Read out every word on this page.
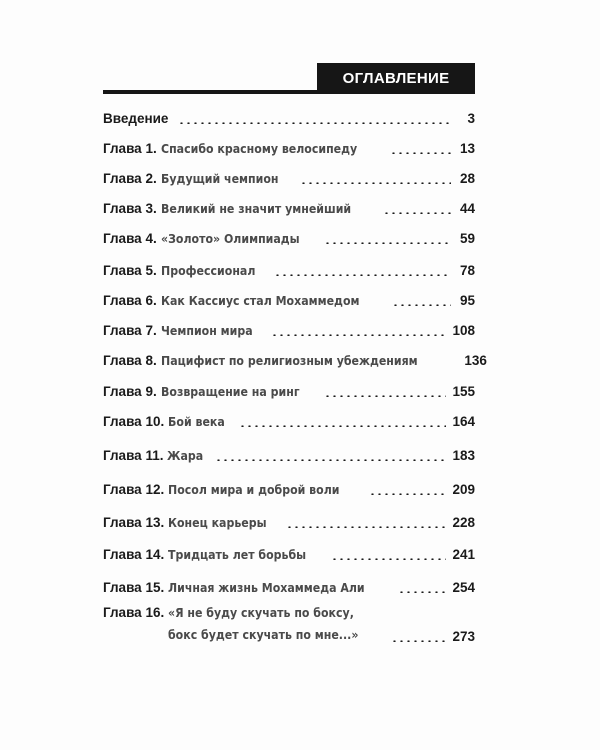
ОГЛАВЛЕНИЕ
Введение	3
Глава 1. Спасибо красному велосипеду	13
Глава 2. Будущий чемпион	28
Глава 3. Великий не значит умнейший	44
Глава 4. «Золото» Олимпиады	59
Глава 5. Профессионал	78
Глава 6. Как Кассиус стал Мохаммедом	95
Глава 7. Чемпион мира	108
Глава 8. Пацифист по религиозным убеждениям	136
Глава 9. Возвращение на ринг	155
Глава 10. Бой века	164
Глава 11. Жара	183
Глава 12. Посол мира и доброй воли	209
Глава 13. Конец карьеры	228
Глава 14. Тридцать лет борьбы	241
Глава 15. Личная жизнь Мохаммеда Али	254
Глава 16. «Я не буду скучать по боксу,
бокс будет скучать по мне...»	273
